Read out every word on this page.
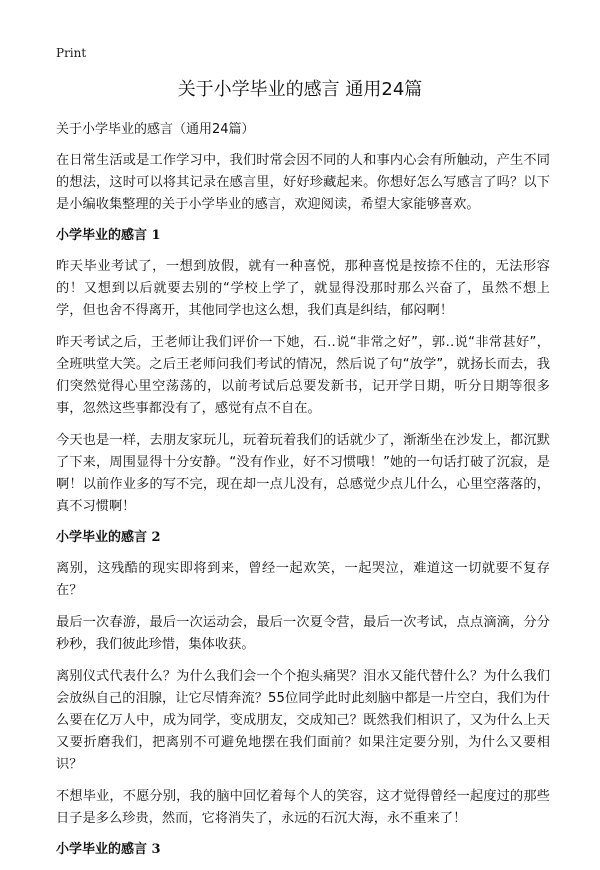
Print
关于小学毕业的感言 通用24篇
关于小学毕业的感言（通用24篇）

在日常生活或是工作学习中，我们时常会因不同的人和事内心会有所触动，产生不同的想法，这时可以将其记录在感言里，好好珍藏起来。你想好怎么写感言了吗？以下是小编收集整理的关于小学毕业的感言，欢迎阅读，希望大家能够喜欢。

小学毕业的感言 1

昨天毕业考试了，一想到放假，就有一种喜悦，那种喜悦是按捺不住的，无法形容的！又想到以后就要去别的“学校上学了，就显得没那时那么兴奋了，虽然不想上学，但也舍不得离开，其他同学也这么想，我们真是纠结，郁闷啊！

昨天考试之后，王老师让我们评价一下她，石‥说“非常之好”，郭‥说“非常甚好”，全班哄堂大笑。之后王老师问我们考试的情况，然后说了句“放学”，就扬长而去，我们突然觉得心里空荡荡的，以前考试后总要发新书，记开学日期，听分日期等很多事，忽然这些事都没有了，感觉有点不自在。

今天也是一样，去朋友家玩儿，玩着玩着我们的话就少了，渐渐坐在沙发上，都沉默了下来，周围显得十分安静。“没有作业，好不习惯哦！”她的一句话打破了沉寂，是啊！以前作业多的写不完，现在却一点儿没有，总感觉少点儿什么，心里空落落的，真不习惯啊！

小学毕业的感言 2

离别，这残酷的现实即将到来，曾经一起欢笑，一起哭泣，难道这一切就要不复存在？

最后一次春游，最后一次运动会，最后一次夏令营，最后一次考试，点点滴滴，分分秒秒，我们彼此珍惜，集体收获。

离别仪式代表什么？为什么我们会一个个抱头痛哭？泪水又能代替什么？为什么我们会放纵自己的泪腺，让它尽情奔流？55位同学此时此刻脑中都是一片空白，我们为什么要在亿万人中，成为同学，变成朋友，交成知己？既然我们相识了，又为什么上天又要折磨我们，把离别不可避免地摆在我们面前？如果注定要分别，为什么又要相识？

不想毕业，不愿分别，我的脑中回忆着每个人的笑容，这才觉得曾经一起度过的那些日子是多么珍贵，然而，它将消失了，永远的石沉大海，永不重来了！

小学毕业的感言 3
